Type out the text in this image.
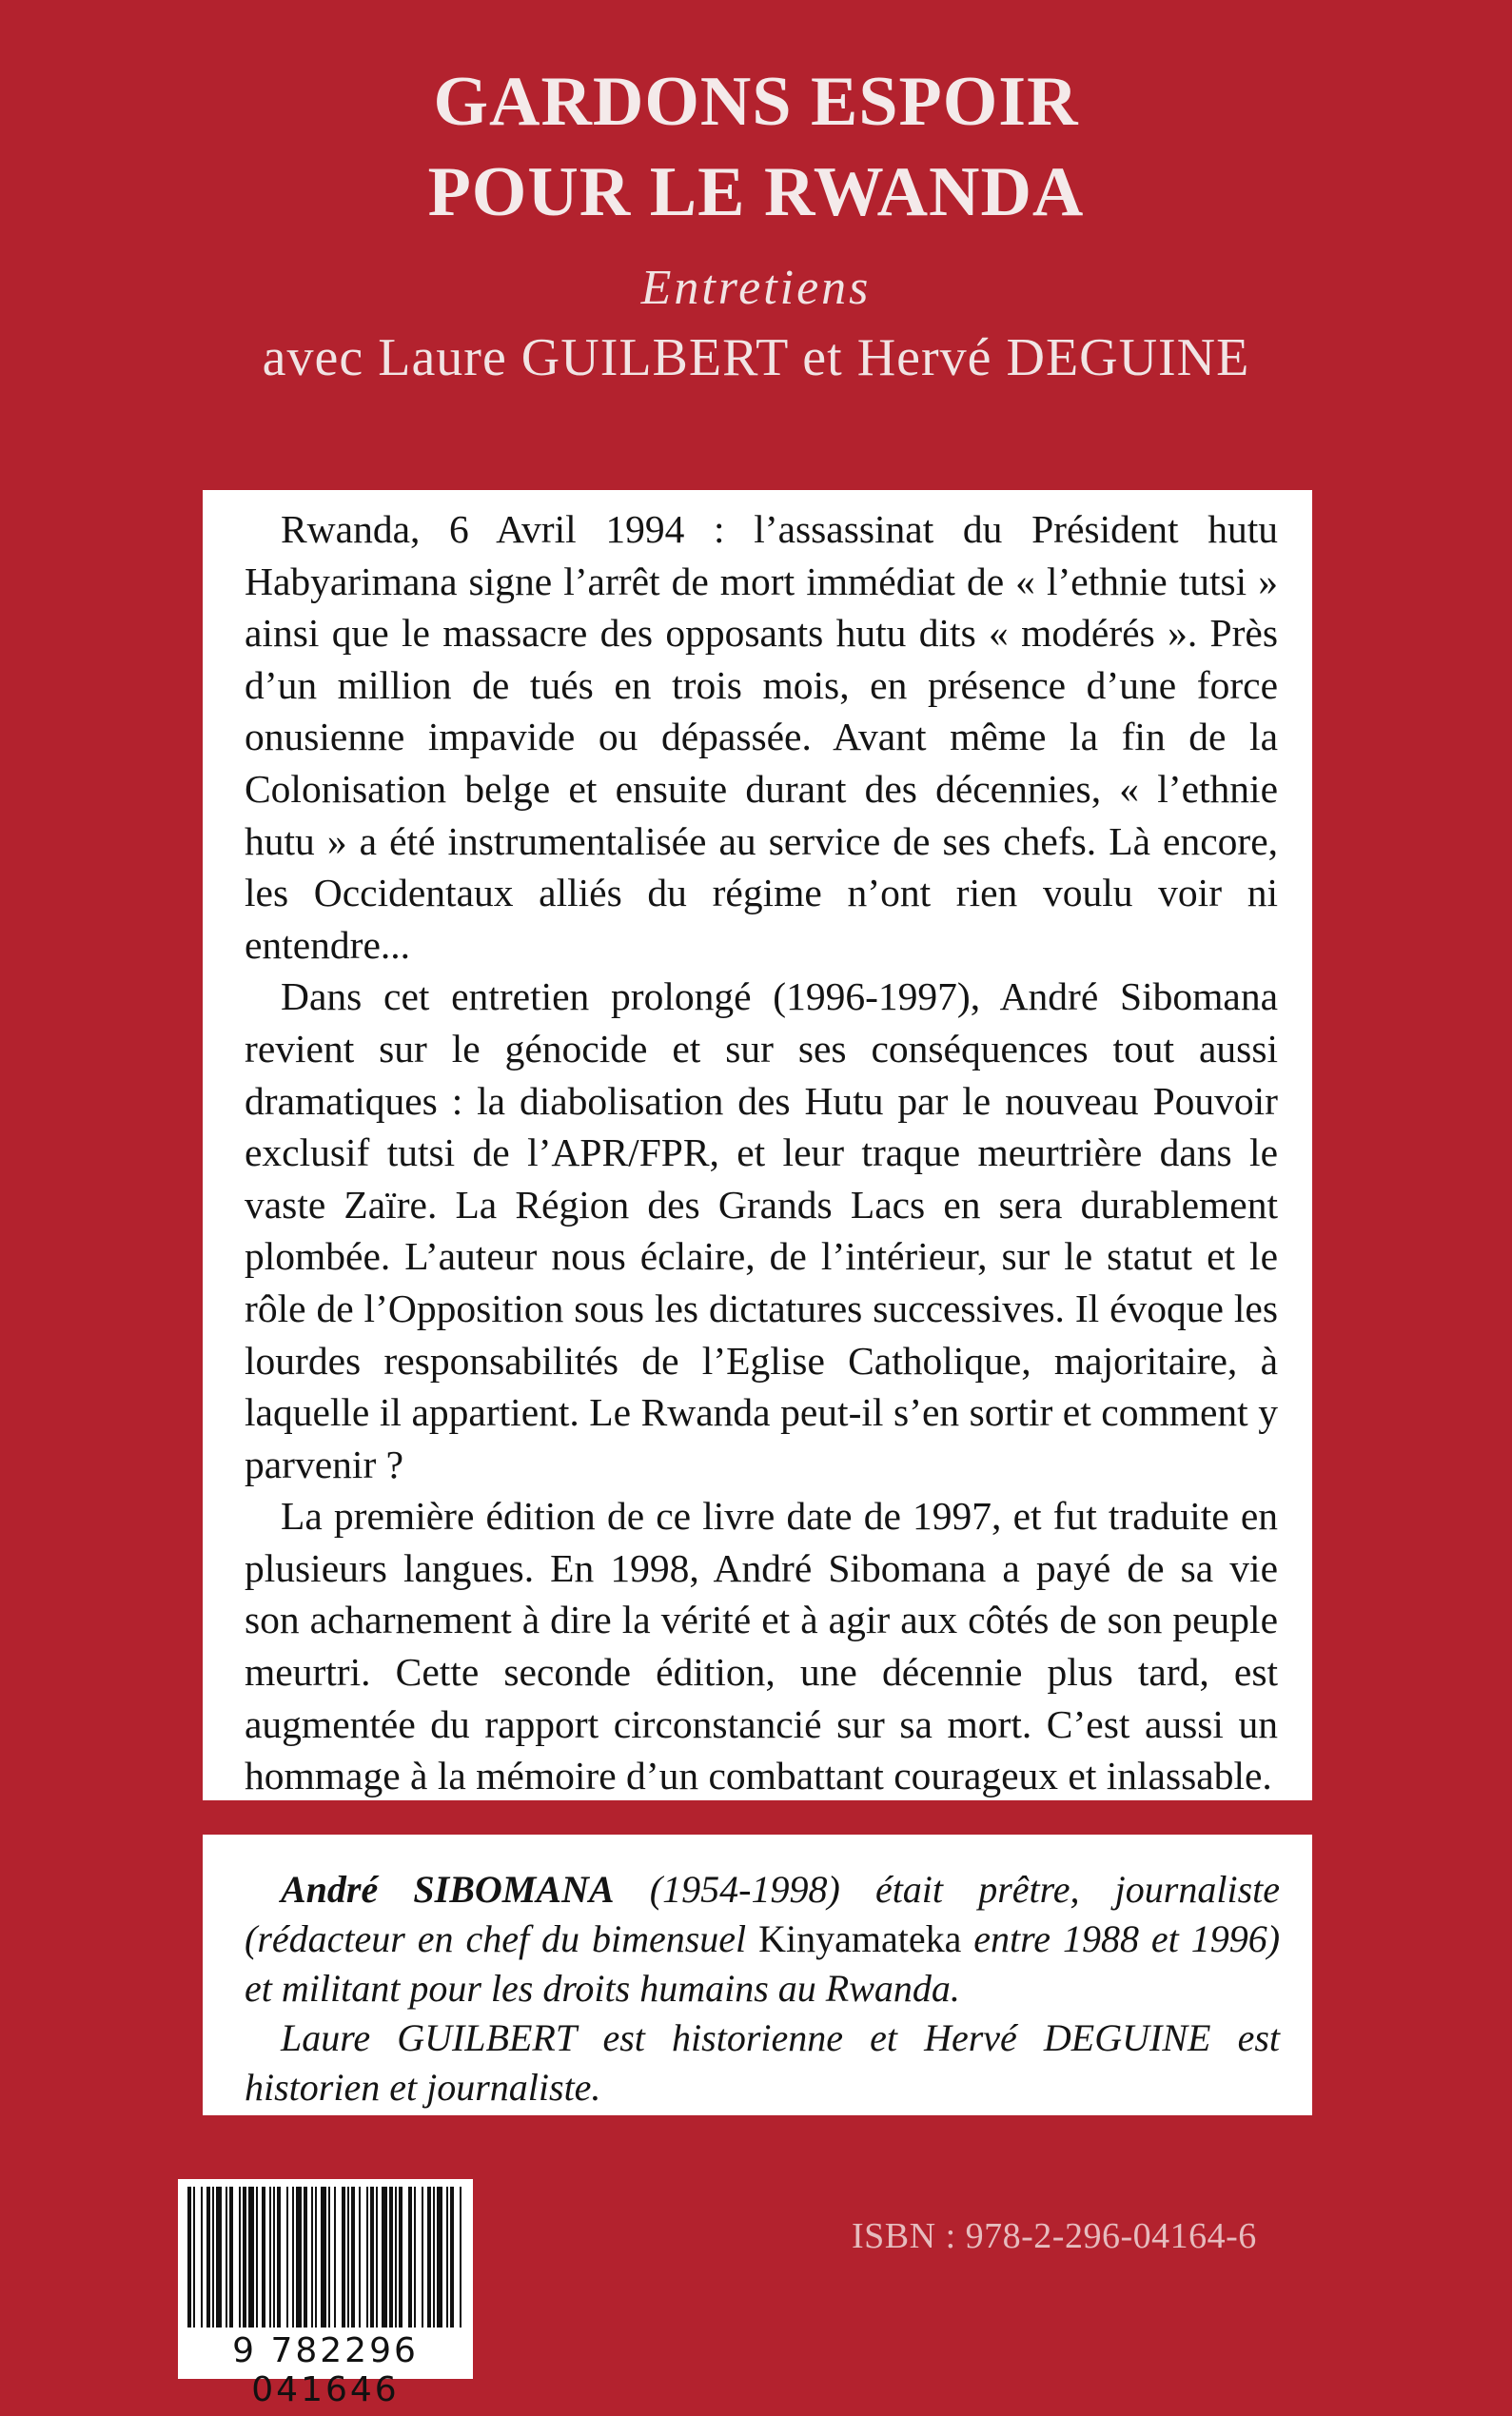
GARDONS ESPOIR
POUR LE RWANDA
Entretiens
avec Laure GUILBERT et Hervé DEGUINE

Rwanda, 6 Avril 1994 : l’assassinat du Président hutu Habyarimana signe l’arrêt de mort immédiat de « l’ethnie tutsi » ainsi que le massacre des opposants hutu dits « modérés ». Près d’un million de tués en trois mois, en présence d’une force onusienne impavide ou dépassée. Avant même la fin de la Colonisation belge et ensuite durant des décennies, « l’ethnie hutu » a été instrumentalisée au service de ses chefs. Là encore, les Occidentaux alliés du régime n’ont rien voulu voir ni entendre...

Dans cet entretien prolongé (1996-1997), André Sibomana revient sur le génocide et sur ses conséquences tout aussi dramatiques : la diabolisation des Hutu par le nouveau Pouvoir exclusif tutsi de l’APR/FPR, et leur traque meurtrière dans le vaste Zaïre. La Région des Grands Lacs en sera durablement plombée. L’auteur nous éclaire, de l’intérieur, sur le statut et le rôle de l’Opposition sous les dictatures successives. Il évoque les lourdes responsabilités de l’Eglise Catholique, majoritaire, à laquelle il appartient. Le Rwanda peut-il s’en sortir et comment y parvenir ?

La première édition de ce livre date de 1997, et fut traduite en plusieurs langues. En 1998, André Sibomana a payé de sa vie son acharnement à dire la vérité et à agir aux côtés de son peuple meurtri. Cette seconde édition, une décennie plus tard, est augmentée du rapport circonstancié sur sa mort. C’est aussi un hommage à la mémoire d’un combattant courageux et inlassable.

André SIBOMANA (1954-1998) était prêtre, journaliste (rédacteur en chef du bimensuel Kinyamateka entre 1988 et 1996) et militant pour les droits humains au Rwanda.

Laure GUILBERT est historienne et Hervé DEGUINE est historien et journaliste.

9 782296 041646
ISBN : 978-2-296-04164-6
